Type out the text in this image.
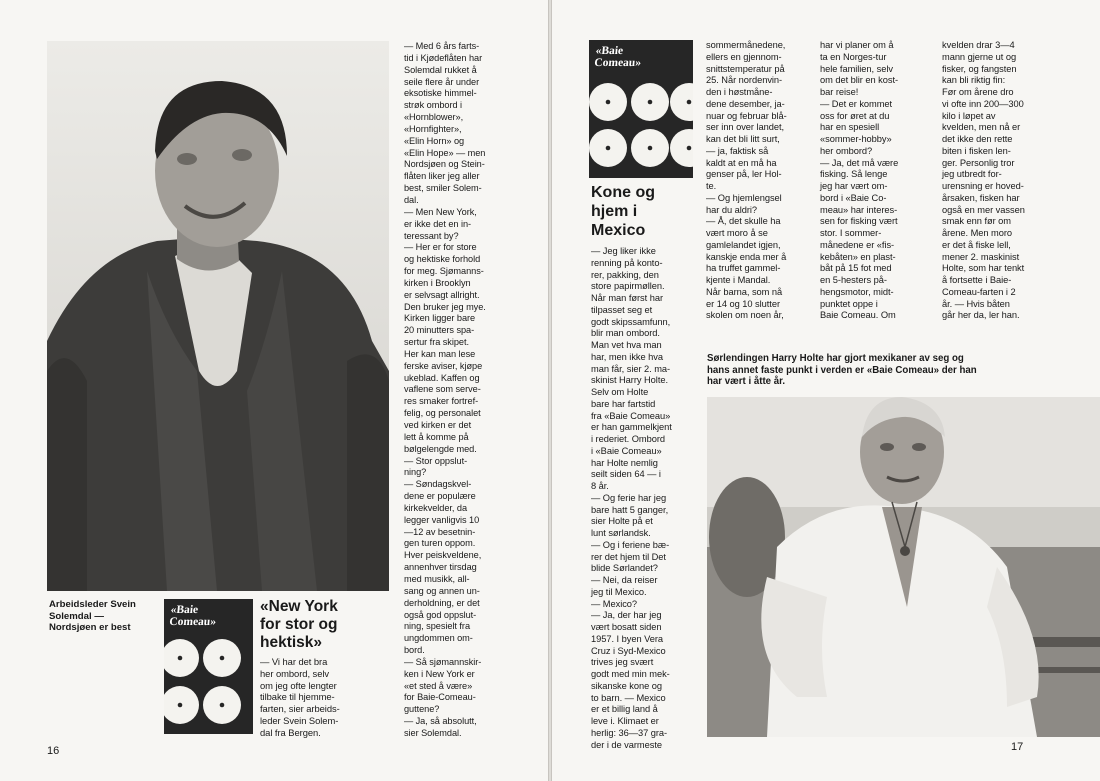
Arbeidsleder Svein
Solemdal —
Nordsjøen er best
«Baie
Comeau»
«New York
for stor og
hektisk»
— Vi har det bra
her ombord, selv
om jeg ofte lengter
tilbake til hjemme-
farten, sier arbeids-
leder Svein Solem-
dal fra Bergen.
— Med 6 års farts-
tid i Kjødeflåten har
Solemdal rukket å
seile flere år under
eksotiske himmel-
strøk ombord i
«Hornblower»,
«Hornfighter»,
«Elin Horn» og
«Elin Hope» — men
Nordsjøen og Stein-
flåten liker jeg aller
best, smiler Solem-
dal.
— Men New York,
er ikke det en in-
teressant by?
— Her er for store
og hektiske forhold
for meg. Sjømanns-
kirken i Brooklyn
er selvsagt allright.
Den bruker jeg mye.
Kirken ligger bare
20 minutters spa-
sertur fra skipet.
Her kan man lese
ferske aviser, kjøpe
ukeblad. Kaffen og
vaflene som serve-
res smaker fortref-
felig, og personalet
ved kirken er det
lett å komme på
bølgelengde med.
— Stor oppslut-
ning?
— Søndagskvel-
dene er populære
kirkekvelder, da
legger vanligvis 10
—12 av besetnin-
gen turen oppom.
Hver peiskveldene,
annenhver tirsdag
med musikk, all-
sang og annen un-
derholdning, er det
også god oppslut-
ning, spesielt fra
ungdommen om-
bord.
— Så sjømannskir-
ken i New York er
«et sted å være»
for Baie-Comeau-
guttene?
— Ja, så absolutt,
sier Solemdal.
16
«Baie
Comeau»
Kone og
hjem i
Mexico
— Jeg liker ikke
renning på konto-
rer, pakking, den
store papirmøllen.
Når man først har
tilpasset seg et
godt skipssamfunn,
blir man ombord.
Man vet hva man
har, men ikke hva
man får, sier 2. ma-
skinist Harry Holte.
Selv om Holte
bare har fartstid
fra «Baie Comeau»
er han gammelkjent
i rederiet. Ombord
i «Baie Comeau»
har Holte nemlig
seilt siden 64 — i
8 år.
— Og ferie har jeg
bare hatt 5 ganger,
sier Holte på et
lunt sørlandsk.
— Og i feriene bæ-
rer det hjem til Det
blide Sørlandet?
— Nei, da reiser
jeg til Mexico.
— Mexico?
— Ja, der har jeg
vært bosatt siden
1957. I byen Vera
Cruz i Syd-Mexico
trives jeg svært
godt med min mek-
sikanske kone og
to barn. — Mexico
er et billig land å
leve i. Klimaet er
herlig: 36—37 gra-
der i de varmeste
sommermånedene,
ellers en gjennom-
snittstemperatur på
25. Når nordenvin-
den i høstmåne-
dene desember, ja-
nuar og februar blå-
ser inn over landet,
kan det bli litt surt,
— ja, faktisk så
kaldt at en må ha
genser på, ler Hol-
te.
— Og hjemlengsel
har du aldri?
— Å, det skulle ha
vært moro å se
gamlelandet igjen,
kanskje enda mer å
ha truffet gammel-
kjente i Mandal.
Når barna, som nå
er 14 og 10 slutter
skolen om noen år,
har vi planer om å
ta en Norges-tur
hele familien, selv
om det blir en kost-
bar reise!
— Det er kommet
oss for øret at du
har en spesiell
«sommer-hobby»
her ombord?
— Ja, det må være
fisking. Så lenge
jeg har vært om-
bord i «Baie Co-
meau» har interes-
sen for fisking vært
stor. I sommer-
månedene er «fis-
kebåten» en plast-
båt på 15 fot med
en 5-hesters på-
hengsmotor, midt-
punktet oppe i
Baie Comeau. Om
kvelden drar 3—4
mann gjerne ut og
fisker, og fangsten
kan bli riktig fin:
Før om årene dro
vi ofte inn 200—300
kilo i løpet av
kvelden, men nå er
det ikke den rette
biten i fisken len-
ger. Personlig tror
jeg utbredt for-
urensning er hoved-
årsaken, fisken har
også en mer vassen
smak enn før om
årene. Men moro
er det å fiske lell,
mener 2. maskinist
Holte, som har tenkt
å fortsette i Baie-
Comeau-farten i 2
år. — Hvis båten
går her da, ler han.
Sørlendingen Harry Holte har gjort mexikaner av seg og
hans annet faste punkt i verden er «Baie Comeau» der han
har vært i åtte år.
17
